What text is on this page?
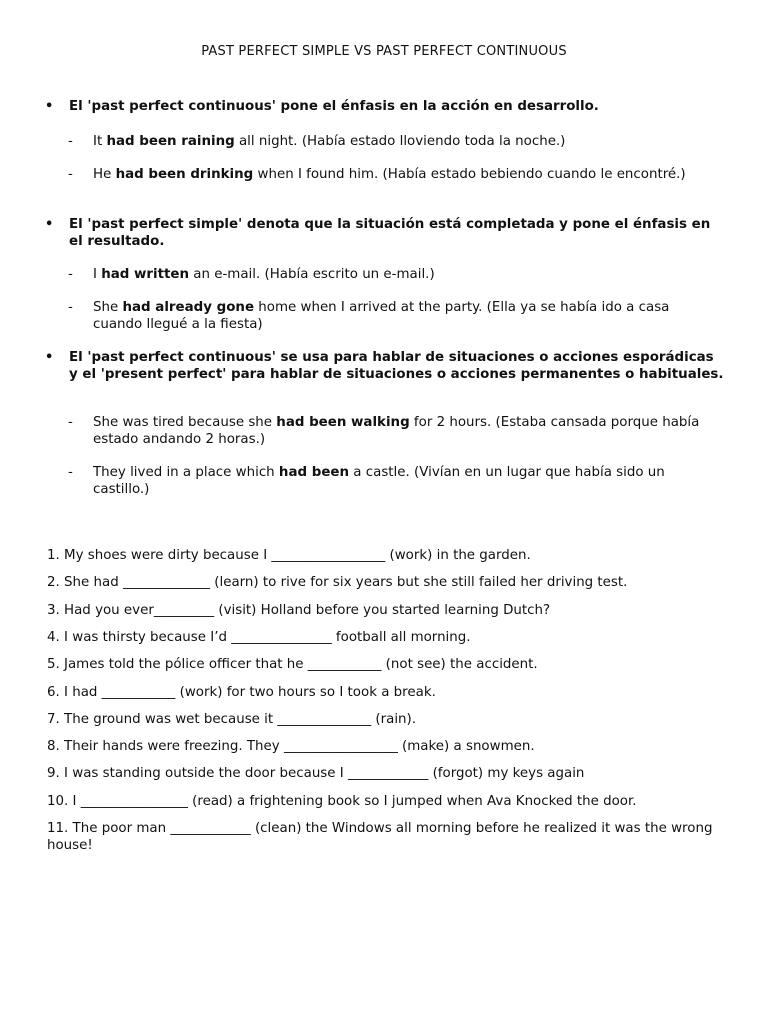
PAST PERFECT SIMPLE VS PAST PERFECT CONTINUOUS
• El 'past perfect continuous' pone el énfasis en la acción en desarrollo.
- It had been raining all night. (Había estado lloviendo toda la noche.)
- He had been drinking when I found him. (Había estado bebiendo cuando le encontré.)
• El 'past perfect simple' denota que la situación está completada y pone el énfasis en el resultado.
- I had written an e-mail. (Había escrito un e-mail.)
- She had already gone home when I arrived at the party. (Ella ya se había ido a casa cuando llegué a la fiesta)
• El 'past perfect continuous' se usa para hablar de situaciones o acciones esporádicas y el 'present perfect' para hablar de situaciones o acciones permanentes o habituales.
- She was tired because she had been walking for 2 hours. (Estaba cansada porque había estado andando 2 horas.)
- They lived in a place which had been a castle. (Vivían en un lugar que había sido un castillo.)
1. My shoes were dirty because I _________________ (work) in the garden.
2. She had _____________ (learn) to rive for six years but she still failed her driving test.
3. Had you ever_________ (visit) Holland before you started learning Dutch?
4. I was thirsty because I’d _______________ football all morning.
5. James told the pólice officer that he ___________ (not see) the accident.
6. I had ___________ (work) for two hours so I took a break.
7. The ground was wet because it ______________ (rain).
8. Their hands were freezing. They _________________ (make) a snowmen.
9. I was standing outside the door because I ____________ (forgot) my keys again
10. I ________________ (read) a frightening book so I jumped when Ava Knocked the door.
11. The poor man ____________ (clean) the Windows all morning before he realized it was the wrong house!
